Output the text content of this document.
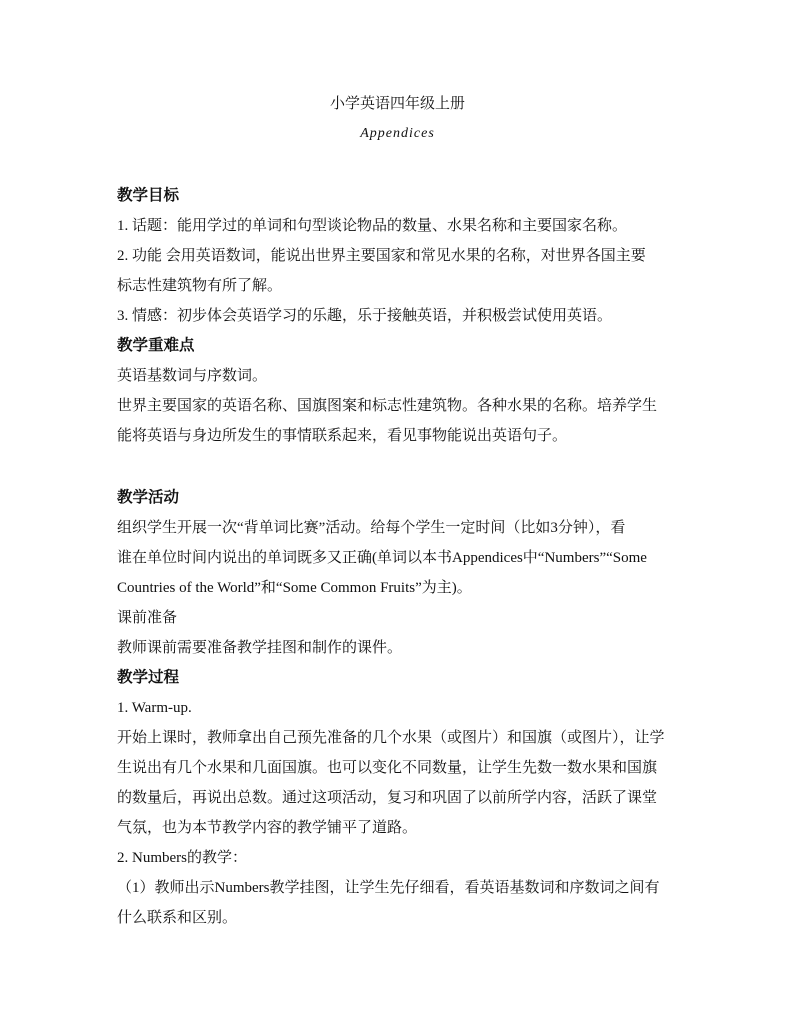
小学英语四年级上册
Appendices
教学目标
1. 话题：能用学过的单词和句型谈论物品的数量、水果名称和主要国家名称。
2. 功能 会用英语数词，能说出世界主要国家和常见水果的名称，对世界各国主要
标志性建筑物有所了解。
3. 情感：初步体会英语学习的乐趣，乐于接触英语，并积极尝试使用英语。
教学重难点
英语基数词与序数词。
世界主要国家的英语名称、国旗图案和标志性建筑物。各种水果的名称。培养学生
能将英语与身边所发生的事情联系起来，看见事物能说出英语句子。
教学活动
组织学生开展一次“背单词比赛”活动。给每个学生一定时间（比如3分钟），看
谁在单位时间内说出的单词既多又正确(单词以本书Appendices中“Numbers”“Some
Countries of the World”和“Some Common Fruits”为主)。
课前准备
教师课前需要准备教学挂图和制作的课件。
教学过程
1. Warm-up.
开始上课时，教师拿出自己预先准备的几个水果（或图片）和国旗（或图片），让学
生说出有几个水果和几面国旗。也可以变化不同数量，让学生先数一数水果和国旗
的数量后，再说出总数。通过这项活动，复习和巩固了以前所学内容，活跃了课堂
气氛，也为本节教学内容的教学铺平了道路。
2. Numbers的教学：
（1）教师出示Numbers教学挂图，让学生先仔细看，看英语基数词和序数词之间有
什么联系和区别。
